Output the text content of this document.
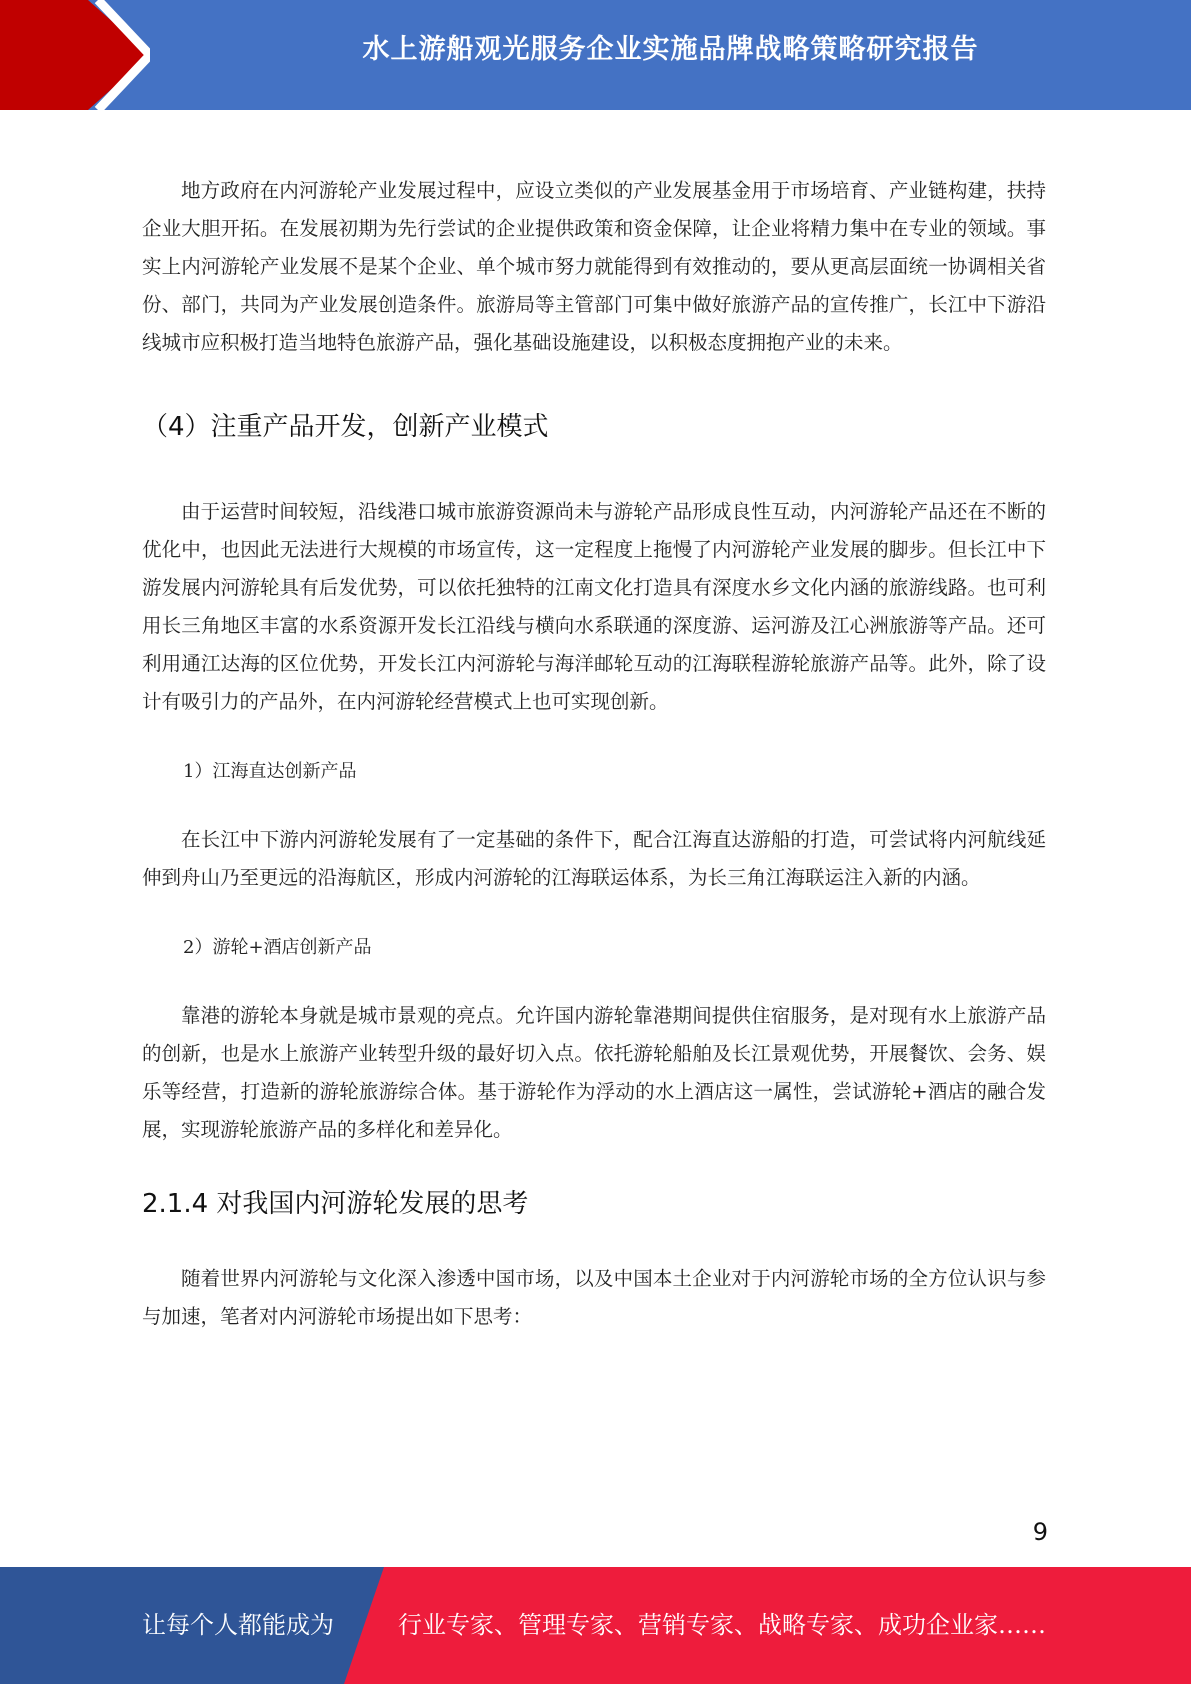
水上游船观光服务企业实施品牌战略策略研究报告

地方政府在内河游轮产业发展过程中，应设立类似的产业发展基金用于市场培育、产业链构建，扶持企业大胆开拓。在发展初期为先行尝试的企业提供政策和资金保障，让企业将精力集中在专业的领域。事实上内河游轮产业发展不是某个企业、单个城市努力就能得到有效推动的，要从更高层面统一协调相关省份、部门，共同为产业发展创造条件。旅游局等主管部门可集中做好旅游产品的宣传推广，长江中下游沿线城市应积极打造当地特色旅游产品，强化基础设施建设，以积极态度拥抱产业的未来。

（4）注重产品开发，创新产业模式

由于运营时间较短，沿线港口城市旅游资源尚未与游轮产品形成良性互动，内河游轮产品还在不断的优化中，也因此无法进行大规模的市场宣传，这一定程度上拖慢了内河游轮产业发展的脚步。但长江中下游发展内河游轮具有后发优势，可以依托独特的江南文化打造具有深度水乡文化内涵的旅游线路。也可利用长三角地区丰富的水系资源开发长江沿线与横向水系联通的深度游、运河游及江心洲旅游等产品。还可利用通江达海的区位优势，开发长江内河游轮与海洋邮轮互动的江海联程游轮旅游产品等。此外，除了设计有吸引力的产品外，在内河游轮经营模式上也可实现创新。

1）江海直达创新产品

在长江中下游内河游轮发展有了一定基础的条件下，配合江海直达游船的打造，可尝试将内河航线延伸到舟山乃至更远的沿海航区，形成内河游轮的江海联运体系，为长三角江海联运注入新的内涵。

2）游轮+酒店创新产品

靠港的游轮本身就是城市景观的亮点。允许国内游轮靠港期间提供住宿服务，是对现有水上旅游产品的创新，也是水上旅游产业转型升级的最好切入点。依托游轮船舶及长江景观优势，开展餐饮、会务、娱乐等经营，打造新的游轮旅游综合体。基于游轮作为浮动的水上酒店这一属性，尝试游轮+酒店的融合发展，实现游轮旅游产品的多样化和差异化。

2.1.4 对我国内河游轮发展的思考

随着世界内河游轮与文化深入渗透中国市场，以及中国本土企业对于内河游轮市场的全方位认识与参与加速，笔者对内河游轮市场提出如下思考：

9
让每个人都能成为	行业专家、管理专家、营销专家、战略专家、成功企业家……
